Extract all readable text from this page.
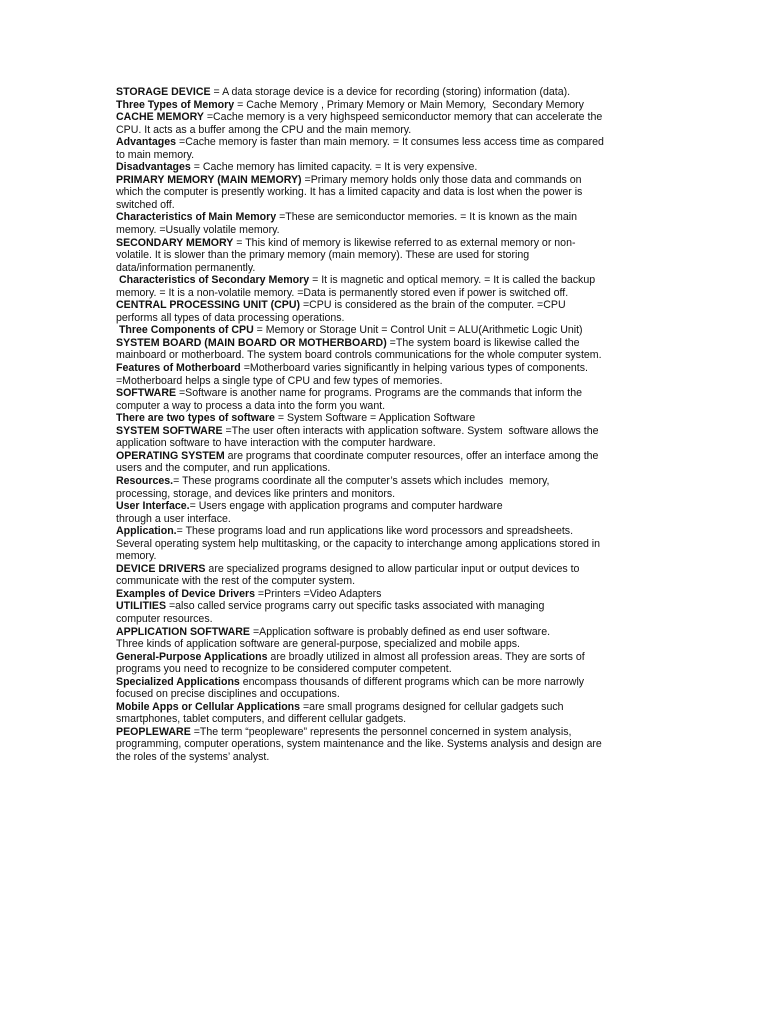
STORAGE DEVICE = A data storage device is a device for recording (storing) information (data).

Three Types of Memory = Cache Memory , Primary Memory or Main Memory,  Secondary Memory

CACHE MEMORY =Cache memory is a very highspeed semiconductor memory that can accelerate the
CPU. It acts as a buffer among the CPU and the main memory.

Advantages =Cache memory is faster than main memory. = It consumes less access time as compared
to main memory.

Disadvantages = Cache memory has limited capacity. = It is very expensive.

PRIMARY MEMORY (MAIN MEMORY) =Primary memory holds only those data and commands on
which the computer is presently working. It has a limited capacity and data is lost when the power is
switched off.

Characteristics of Main Memory =These are semiconductor memories. = It is known as the main
memory. =Usually volatile memory.

SECONDARY MEMORY = This kind of memory is likewise referred to as external memory or non-
volatile. It is slower than the primary memory (main memory). These are used for storing
data/information permanently.

Characteristics of Secondary Memory = It is magnetic and optical memory. = It is called the backup
memory. = It is a non-volatile memory. =Data is permanently stored even if power is switched off.

CENTRAL PROCESSING UNIT (CPU) =CPU is considered as the brain of the computer. =CPU
performs all types of data processing operations.

Three Components of CPU = Memory or Storage Unit = Control Unit = ALU(Arithmetic Logic Unit)

SYSTEM BOARD (MAIN BOARD OR MOTHERBOARD) =The system board is likewise called the
mainboard or motherboard. The system board controls communications for the whole computer system.

Features of Motherboard =Motherboard varies significantly in helping various types of components.
=Motherboard helps a single type of CPU and few types of memories.

SOFTWARE =Software is another name for programs. Programs are the commands that inform the
computer a way to process a data into the form you want.

There are two types of software = System Software = Application Software

SYSTEM SOFTWARE =The user often interacts with application software. System  software allows the
application software to have interaction with the computer hardware.

OPERATING SYSTEM are programs that coordinate computer resources, offer an interface among the
users and the computer, and run applications.

Resources.= These programs coordinate all the computer’s assets which includes  memory,
processing, storage, and devices like printers and monitors.

User Interface.= Users engage with application programs and computer hardware
through a user interface.

Application.= These programs load and run applications like word processors and spreadsheets.
Several operating system help multitasking, or the capacity to interchange among applications stored in
memory.

DEVICE DRIVERS are specialized programs designed to allow particular input or output devices to
communicate with the rest of the computer system.

Examples of Device Drivers =Printers =Video Adapters

UTILITIES =also called service programs carry out specific tasks associated with managing
computer resources.

APPLICATION SOFTWARE =Application software is probably defined as end user software.
Three kinds of application software are general-purpose, specialized and mobile apps.

General-Purpose Applications are broadly utilized in almost all profession areas. They are sorts of
programs you need to recognize to be considered computer competent.

Specialized Applications encompass thousands of different programs which can be more narrowly
focused on precise disciplines and occupations.

Mobile Apps or Cellular Applications =are small programs designed for cellular gadgets such
smartphones, tablet computers, and different cellular gadgets.

PEOPLEWARE =The term “peopleware” represents the personnel concerned in system analysis,
programming, computer operations, system maintenance and the like. Systems analysis and design are
the roles of the systems’ analyst.
